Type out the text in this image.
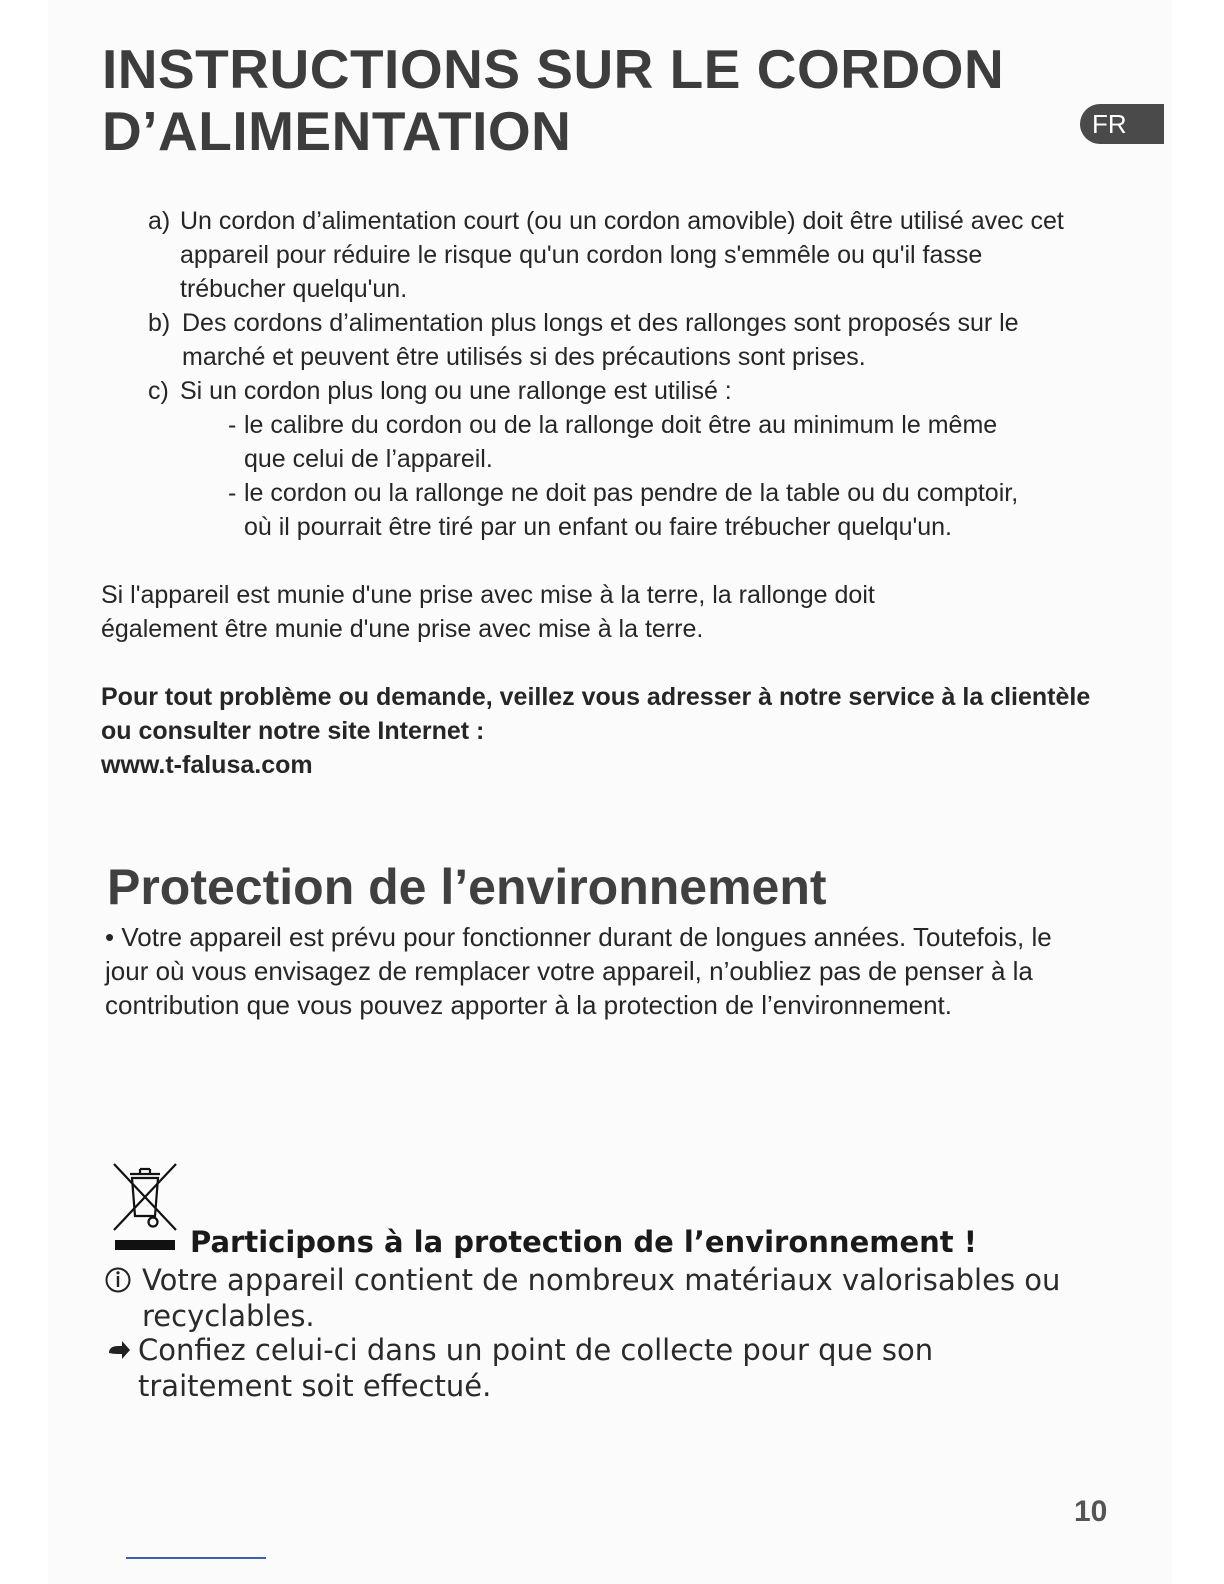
INSTRUCTIONS SUR LE CORDON
D’ALIMENTATION	FR
a) Un cordon d’alimentation court (ou un cordon amovible) doit être utilisé avec cet appareil pour réduire le risque qu'un cordon long s'emmêle ou qu'il fasse trébucher quelqu'un.
b) Des cordons d’alimentation plus longs et des rallonges sont proposés sur le marché et peuvent être utilisés si des précautions sont prises.
c) Si un cordon plus long ou une rallonge est utilisé :
- le calibre du cordon ou de la rallonge doit être au minimum le même que celui de l’appareil.
- le cordon ou la rallonge ne doit pas pendre de la table ou du comptoir, où il pourrait être tiré par un enfant ou faire trébucher quelqu'un.
Si l'appareil est munie d'une prise avec mise à la terre, la rallonge doit également être munie d'une prise avec mise à la terre.
Pour tout problème ou demande, veillez vous adresser à notre service à la clientèle ou consulter notre site Internet :
www.t-falusa.com
Protection de l’environnement
• Votre appareil est prévu pour fonctionner durant de longues années. Toutefois, le jour où vous envisagez de remplacer votre appareil, n’oubliez pas de penser à la contribution que vous pouvez apporter à la protection de l’environnement.
Participons à la protection de l’environnement !
Votre appareil contient de nombreux matériaux valorisables ou recyclables.
Confiez celui-ci dans un point de collecte pour que son traitement soit effectué.
10
